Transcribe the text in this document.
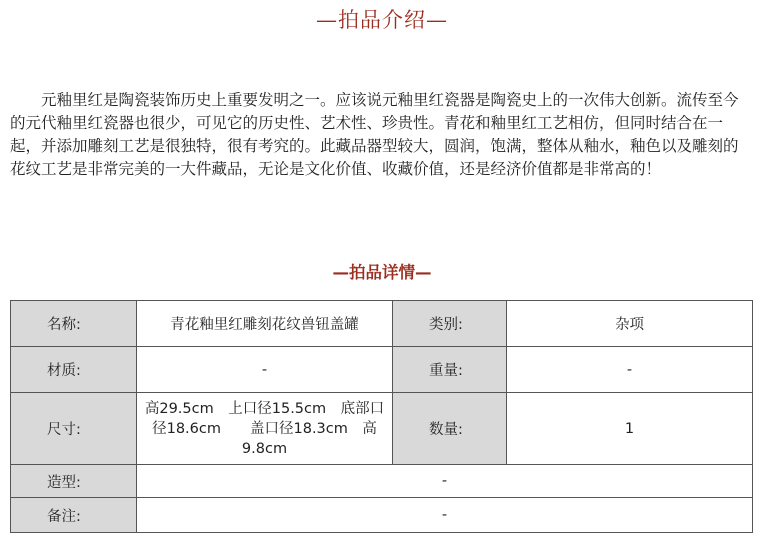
—拍品介绍—

元釉里红是陶瓷装饰历史上重要发明之一。应该说元釉里红瓷器是陶瓷史上的一次伟大创新。流传至今的元代釉里红瓷器也很少，可见它的历史性、艺术性、珍贵性。青花和釉里红工艺相仿，但同时结合在一起，并添加雕刻工艺是很独特，很有考究的。此藏品器型较大，圆润，饱满，整体从釉水，釉色以及雕刻的花纹工艺是非常完美的一大件藏品，无论是文化价值、收藏价值，还是经济价值都是非常高的！

—拍品详情—
名称:	青花釉里红雕刻花纹兽钮盖罐	类别:	杂项
材质:	-	重量:	-
尺寸:	高29.5cm　上口径15.5cm　底部口径18.6cm　　盖口径18.3cm　高9.8cm	数量:	1
造型:	-		
备注:	-		
